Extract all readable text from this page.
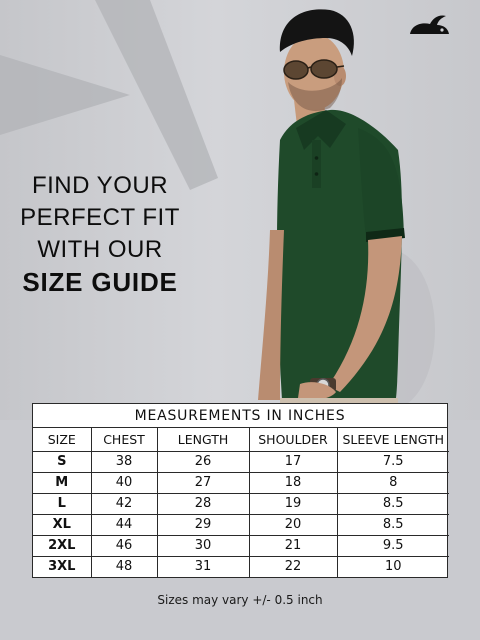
FIND YOUR
PERFECT FIT
WITH OUR
SIZE GUIDE
MEASUREMENTS IN INCHES
SIZE	CHEST	LENGTH	SHOULDER	SLEEVE LENGTH
S	38	26	17	7.5
M	40	27	18	8
L	42	28	19	8.5
XL	44	29	20	8.5
2XL	46	30	21	9.5
3XL	48	31	22	10
Sizes may vary +/- 0.5 inch
